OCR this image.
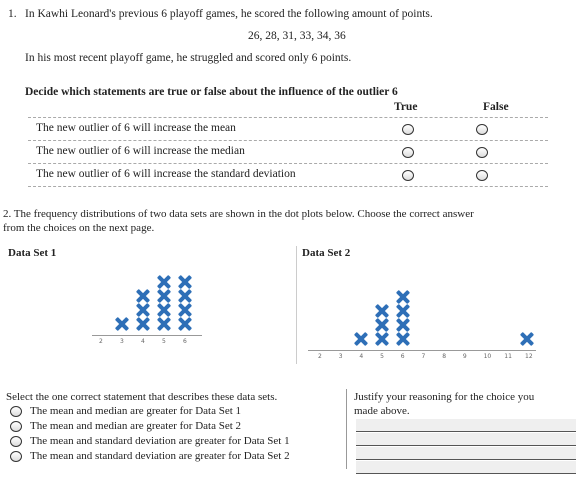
1. In Kawhi Leonard's previous 6 playoff games, he scored the following amount of points.
26, 28, 31, 33, 34, 36
In his most recent playoff game, he struggled and scored only 6 points.
Decide which statements are true or false about the influence of the outlier 6
True	False
The new outlier of 6 will increase the mean
The new outlier of 6 will increase the median
The new outlier of 6 will increase the standard deviation
2. The frequency distributions of two data sets are shown in the dot plots below. Choose the correct answer
from the choices on the next page.
Data Set 1	Data Set 2
2	3	4	5	6
2	3	4	5	6	7	8	9	10 11 12
Select the one correct statement that describes these data sets.
The mean and median are greater for Data Set 1
The mean and median are greater for Data Set 2
The mean and standard deviation are greater for Data Set 1
The mean and standard deviation are greater for Data Set 2
Justify your reasoning for the choice you
made above.
